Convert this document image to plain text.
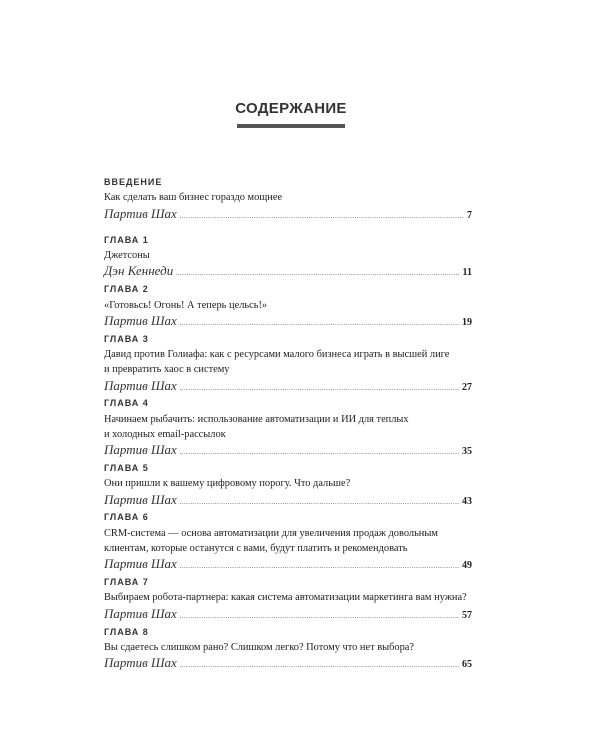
СОДЕРЖАНИЕ
ВВЕДЕНИЕ
Как сделать ваш бизнес гораздо мощнее
Партив Шах	7
ГЛАВА 1
Джетсоны
Дэн Кеннеди	11
ГЛАВА 2
«Готовьсь! Огонь! А теперь цельсь!»
Партив Шах	19
ГЛАВА 3
Давид против Голиафа: как с ресурсами малого бизнеса играть в высшей лиге
и превратить хаос в систему
Партив Шах	27
ГЛАВА 4
Начинаем рыбачить: использование автоматизации и ИИ для теплых
и холодных email-рассылок
Партив Шах	35
ГЛАВА 5
Они пришли к вашему цифровому порогу. Что дальше?
Партив Шах	43
ГЛАВА 6
CRM-система — основа автоматизации для увеличения продаж довольным
клиентам, которые останутся с вами, будут платить и рекомендовать
Партив Шах	49
ГЛАВА 7
Выбираем робота-партнера: какая система автоматизации маркетинга вам нужна?
Партив Шах	57
ГЛАВА 8
Вы сдаетесь слишком рано? Слишком легко? Потому что нет выбора?
Партив Шах	65
